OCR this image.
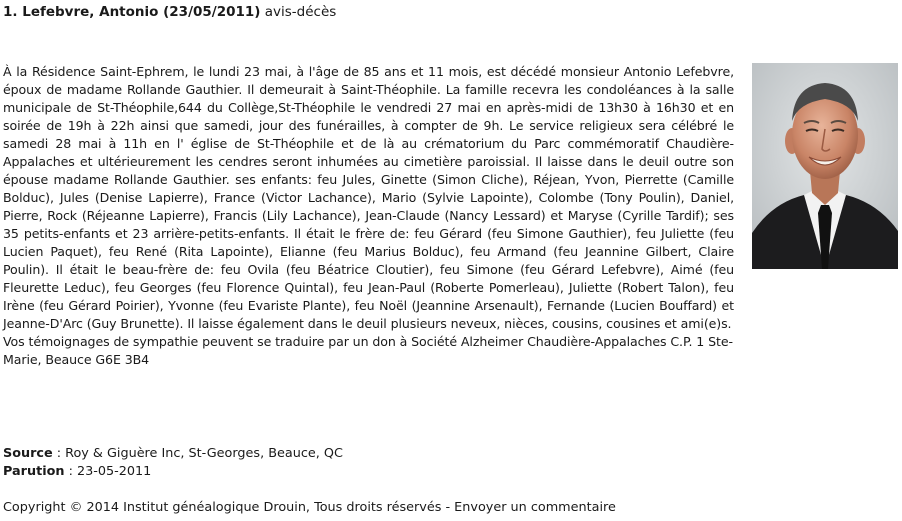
1. Lefebvre, Antonio (23/05/2011) avis-décès

À la Résidence Saint-Ephrem, le lundi 23 mai, à l'âge de 85 ans et 11 mois, est décédé monsieur Antonio Lefebvre, époux de madame Rollande Gauthier. Il demeurait à Saint-Théophile. La famille recevra les condoléances à la salle municipale de St-Théophile,644 du Collège,St-Théophile le vendredi 27 mai en après-midi de 13h30 à 16h30 et en soirée de 19h à 22h ainsi que samedi, jour des funérailles, à compter de 9h. Le service religieux sera célébré le samedi 28 mai à 11h en l' église de St-Théophile et de là au crématorium du Parc commémoratif Chaudière-Appalaches et ultérieurement les cendres seront inhumées au cimetière paroissial. Il laisse dans le deuil outre son épouse madame Rollande Gauthier. ses enfants: feu Jules, Ginette (Simon Cliche), Réjean, Yvon, Pierrette (Camille Bolduc), Jules (Denise Lapierre), France (Victor Lachance), Mario (Sylvie Lapointe), Colombe (Tony Poulin), Daniel, Pierre, Rock (Réjeanne Lapierre), Francis (Lily Lachance), Jean-Claude (Nancy Lessard) et Maryse (Cyrille Tardif); ses 35 petits-enfants et 23 arrière-petits-enfants. Il était le frère de: feu Gérard (feu Simone Gauthier), feu Juliette (feu Lucien Paquet), feu René (Rita Lapointe), Elianne (feu Marius Bolduc), feu Armand (feu Jeannine Gilbert, Claire Poulin). Il était le beau-frère de: feu Ovila (feu Béatrice Cloutier), feu Simone (feu Gérard Lefebvre), Aimé (feu Fleurette Leduc), feu Georges (feu Florence Quintal), feu Jean-Paul (Roberte Pomerleau), Juliette (Robert Talon), feu Irène (feu Gérard Poirier), Yvonne (feu Evariste Plante), feu Noël (Jeannine Arsenault), Fernande (Lucien Bouffard) et Jeanne-D'Arc (Guy Brunette). Il laisse également dans le deuil plusieurs neveux, nièces, cousins, cousines et ami(e)s.

Vos témoignages de sympathie peuvent se traduire par un don à Société Alzheimer Chaudière-Appalaches C.P. 1 Ste-Marie, Beauce G6E 3B4

Source : Roy & Giguère Inc, St-Georges, Beauce, QC
Parution : 23-05-2011
Copyright © 2014 Institut généalogique Drouin, Tous droits réservés - Envoyer un commentaire
